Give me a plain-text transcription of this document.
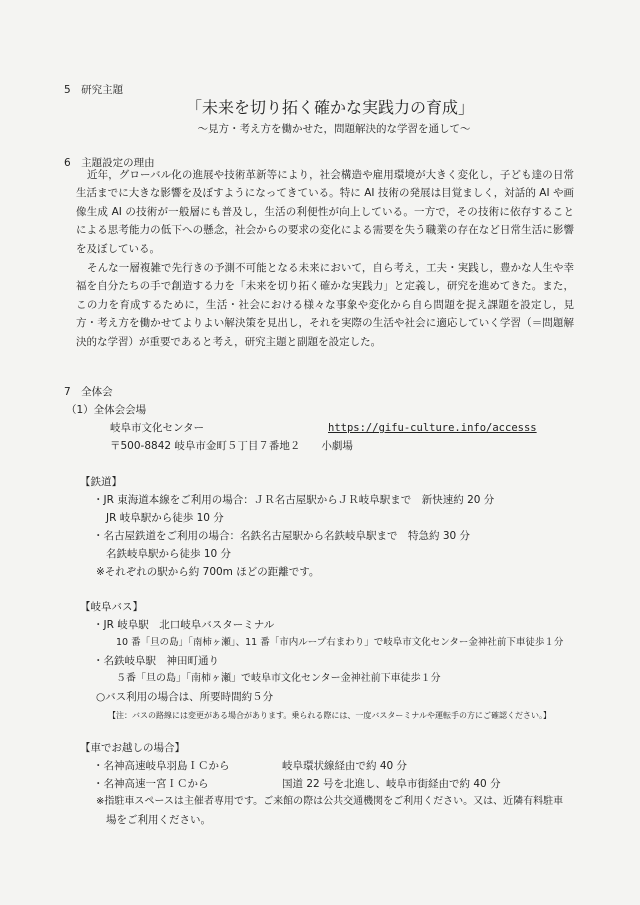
5　研究主題
「未来を切り拓く確かな実践力の育成」
～見方・考え方を働かせた，問題解決的な学習を通して～
6　主題設定の理由

近年，グローバル化の進展や技術革新等により，社会構造や雇用環境が大きく変化し，子ども達の日常生活までに大きな影響を及ぼすようになってきている。特に AI 技術の発展は目覚ましく，対話的 AI や画像生成 AI の技術が一般層にも普及し，生活の利便性が向上している。一方で，その技術に依存することによる思考能力の低下への懸念，社会からの要求の変化による需要を失う職業の存在など日常生活に影響を及ぼしている。

そんな一層複雑で先行きの予測不可能となる未来において，自ら考え，工夫・実践し，豊かな人生や幸福を自分たちの手で創造する力を「未来を切り拓く確かな実践力」と定義し，研究を進めてきた。また，この力を育成するために，生活・社会における様々な事象や変化から自ら問題を捉え課題を設定し，見方・考え方を働かせてよりよい解決策を見出し，それを実際の生活や社会に適応していく学習（＝問題解決的な学習）が重要であると考え，研究主題と副題を設定した。

7　全体会
（1）全体会会場
岐阜市文化センター	https://gifu-culture.info/accesss
〒500-8842 岐阜市金町５丁目７番地２　　小劇場
【鉄道】
・JR 東海道本線をご利用の場合：ＪＲ名古屋駅からＪＲ岐阜駅まで　新快速約 20 分
JR 岐阜駅から徒歩 10 分
・名古屋鉄道をご利用の場合：名鉄名古屋駅から名鉄岐阜駅まで　特急約 30 分
名鉄岐阜駅から徒歩 10 分
※それぞれの駅から約 700m ほどの距離です。
【岐阜バス】
・JR 岐阜駅　北口岐阜バスターミナル
10 番「旦の島」「南柿ヶ瀬」、11 番「市内ループ右まわり」で岐阜市文化センター金神社前下車徒歩１分
・名鉄岐阜駅　神田町通り
５番「旦の島」「南柿ヶ瀬」で岐阜市文化センター金神社前下車徒歩１分
○バス利用の場合は、所要時間約５分
【注：バスの路線には変更がある場合があります。乗られる際には、一度バスターミナルや運転手の方にご確認ください。】
【車でお越しの場合】
・名神高速岐阜羽島ＩＣから	岐阜環状線経由で約 40 分
・名神高速一宮ＩＣから	国道 22 号を北進し、岐阜市街経由で約 40 分
※指駐車スペースは主催者専用です。ご来館の際は公共交通機関をご利用ください。又は、近隣有料駐車
場をご利用ください。
